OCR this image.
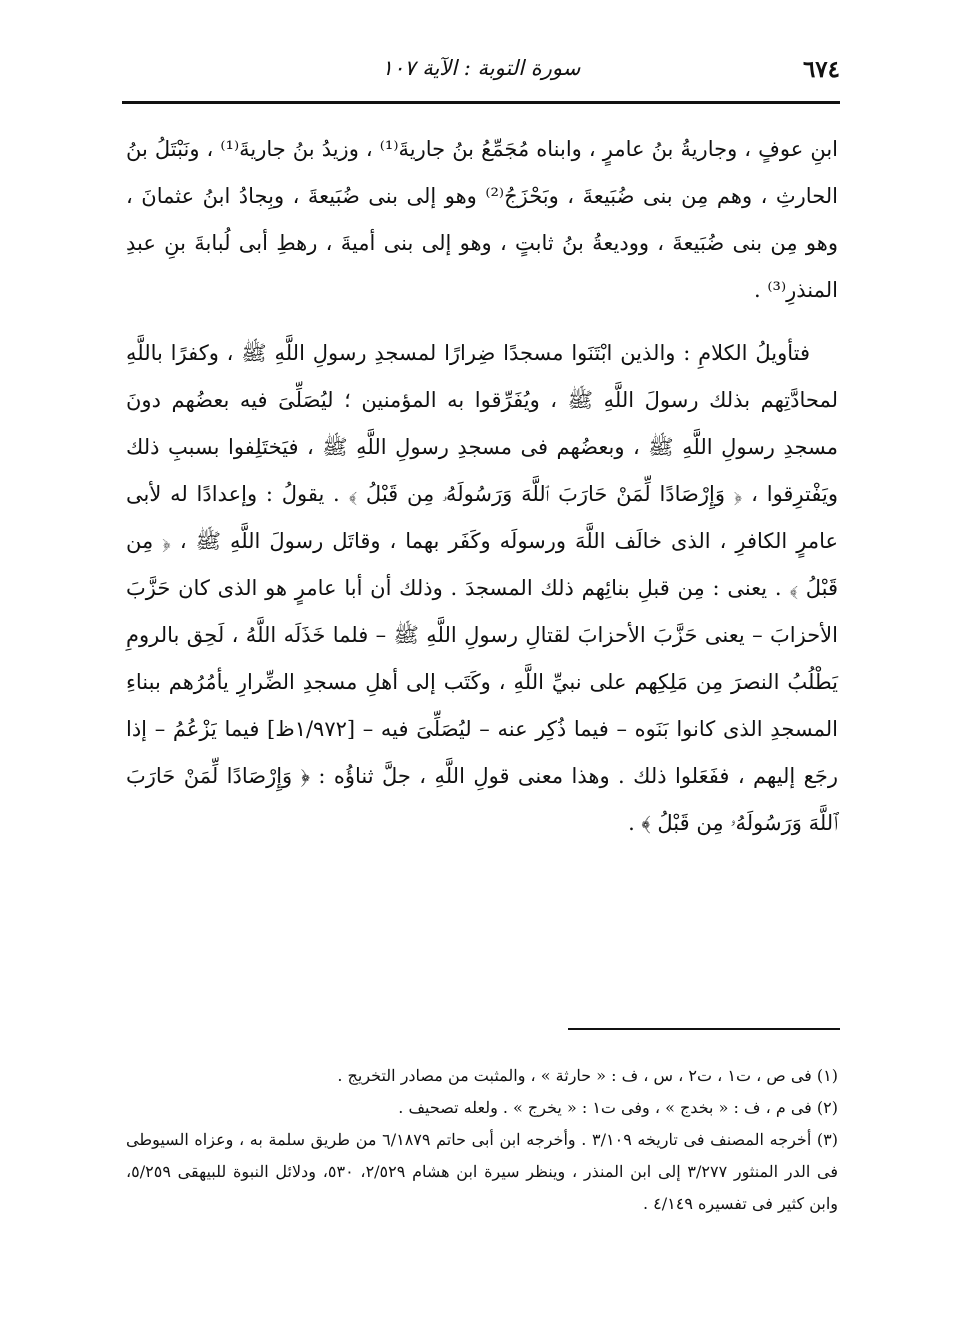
٦٧٤
سورة التوبة : الآية ١٠٧

ابنِ عوفٍ ، وجاريةُ بنُ عامرٍ ، وابناه مُجَمِّعُ بنُ جاريةَ⁽¹⁾ ، وزيدُ بنُ جاريةَ⁽¹⁾ ، ونَبْتَلُ بنُ الحارثِ ، وهم مِن بنى ضُبَيعةَ ، وبَحْزَجُ⁽²⁾ وهو إلى بنى ضُبَيعةَ ، وبِجادُ ابنُ عثمانَ ، وهو مِن بنى ضُبَيعةَ ، ووديعةُ بنُ ثابتٍ ، وهو إلى بنى أميةَ ، رهطِ أبى لُبابةَ بنِ عبدِ المنذرِ⁽³⁾ .

فتأويلُ الكلامِ : والذين ابْتَنَوا مسجدًا ضِرارًا لمسجدِ رسولِ اللَّهِ ﷺ ، وكفرًا باللَّهِ لمحادَّتِهم بذلك رسولَ اللَّهِ ﷺ ، ويُفَرِّقوا به المؤمنين ؛ ليُصَلِّىَ فيه بعضُهم دونَ مسجدِ رسولِ اللَّهِ ﷺ ، وبعضُهم فى مسجدِ رسولِ اللَّهِ ﷺ ، فيَختَلِفوا بسببِ ذلك ويَفْترِقوا ، ﴿ وَإِرْصَادًا لِّمَنْ حَارَبَ ٱللَّهَ وَرَسُولَهُۥ مِن قَبْلُ ﴾ . يقولُ : وإعدادًا له لأبى عامرٍ الكافرِ ، الذى خالَف اللَّهَ ورسولَه وكَفَر بهما ، وقاتَل رسولَ اللَّهِ ﷺ ، ﴿ مِن قَبْلُ ﴾ . يعنى : مِن قبلِ بنائِهم ذلك المسجدَ . وذلك أن أبا عامرٍ هو الذى كان حَزَّبَ الأحزابَ – يعنى حَزَّبَ الأحزابَ لقتالِ رسولِ اللَّهِ ﷺ – فلما خَذَلَه اللَّهُ ، لَحِق بالرومِ يَطْلُبُ النصرَ مِن مَلِكِهم على نبيِّ اللَّهِ ، وكَتَب إلى أهلِ مسجدِ الضِّرارِ يأمُرُهم ببناءِ المسجدِ الذى كانوا بَنَوه – فيما ذُكِر عنه – ليُصَلِّىَ فيه – [١/٩٧٢ظ] فيما يَزْعُمُ – إذا رجَع إليهم ، ففَعَلوا ذلك . وهذا معنى قولِ اللَّهِ ، جلَّ ثناؤُه : ﴿ وَإِرْصَادًا لِّمَنْ حَارَبَ ٱللَّهَ وَرَسُولَهُۥ مِن قَبْلُ ﴾ .

(١) فى ص ، ت١ ، ت٢ ، س ، ف : « حارثة » ، والمثبت من مصادر التخريج .

(٢) فى م ، ف : « بخدج » ، وفى ت١ : « يخرج » . ولعله تصحيف .

(٣) أخرجه المصنف فى تاريخه ٣/١٠٩ . وأخرجه ابن أبى حاتم ٦/١٨٧٩ من طريق سلمة به ، وعزاه السيوطى فى الدر المنثور ٣/٢٧٧ إلى ابن المنذر ، وينظر سيرة ابن هشام ٢/٥٢٩، ٥٣٠، ودلائل النبوة للبيهقى ٥/٢٥٩، وابن كثير فى تفسيره ٤/١٤٩ .
